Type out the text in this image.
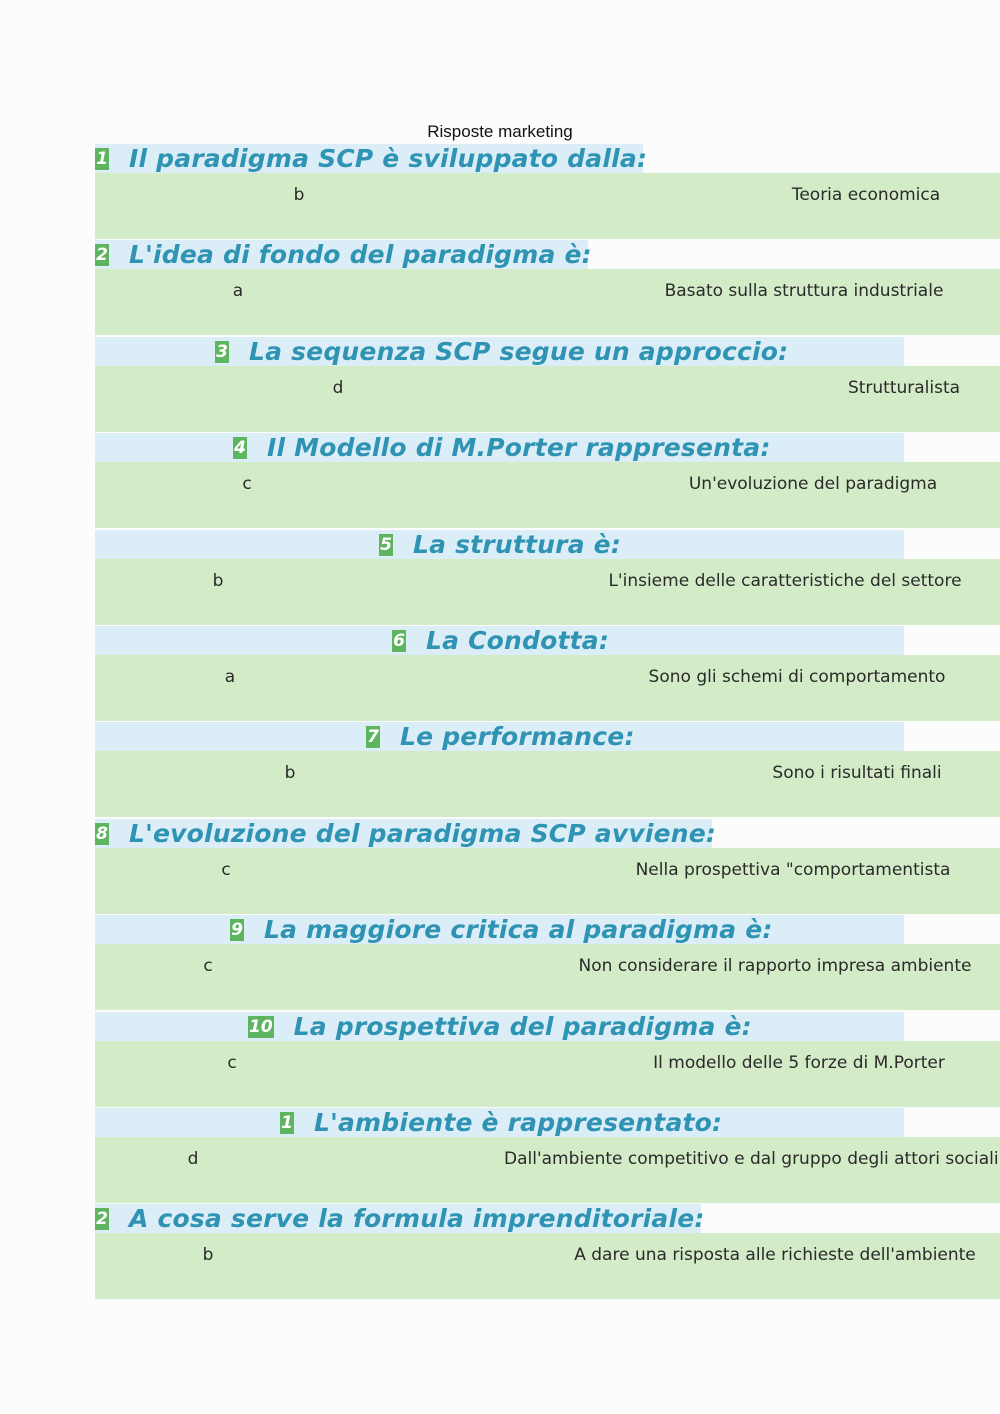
Risposte marketing
1 Il paradigma SCP è sviluppato dalla:
b	Teoria economica
2 L'idea di fondo del paradigma è:
a	Basato sulla struttura industriale
3 La sequenza SCP segue un approccio:
d	Strutturalista
4 Il Modello di M.Porter rappresenta:
c	Un'evoluzione del paradigma
5 La struttura è:
b	L'insieme delle caratteristiche del settore
6 La Condotta:
a	Sono gli schemi di comportamento
7 Le performance:
b	Sono i risultati finali
8 L'evoluzione del paradigma SCP avviene:
c	Nella prospettiva "comportamentista
9 La maggiore critica al paradigma è:
c	Non considerare il rapporto impresa ambiente
10 La prospettiva del paradigma è:
c	Il modello delle 5 forze di M.Porter
1 L'ambiente è rappresentato:
d	Dall'ambiente competitivo e dal gruppo degli attori sociali
2 A cosa serve la formula imprenditoriale:
b	A dare una risposta alle richieste dell'ambiente
